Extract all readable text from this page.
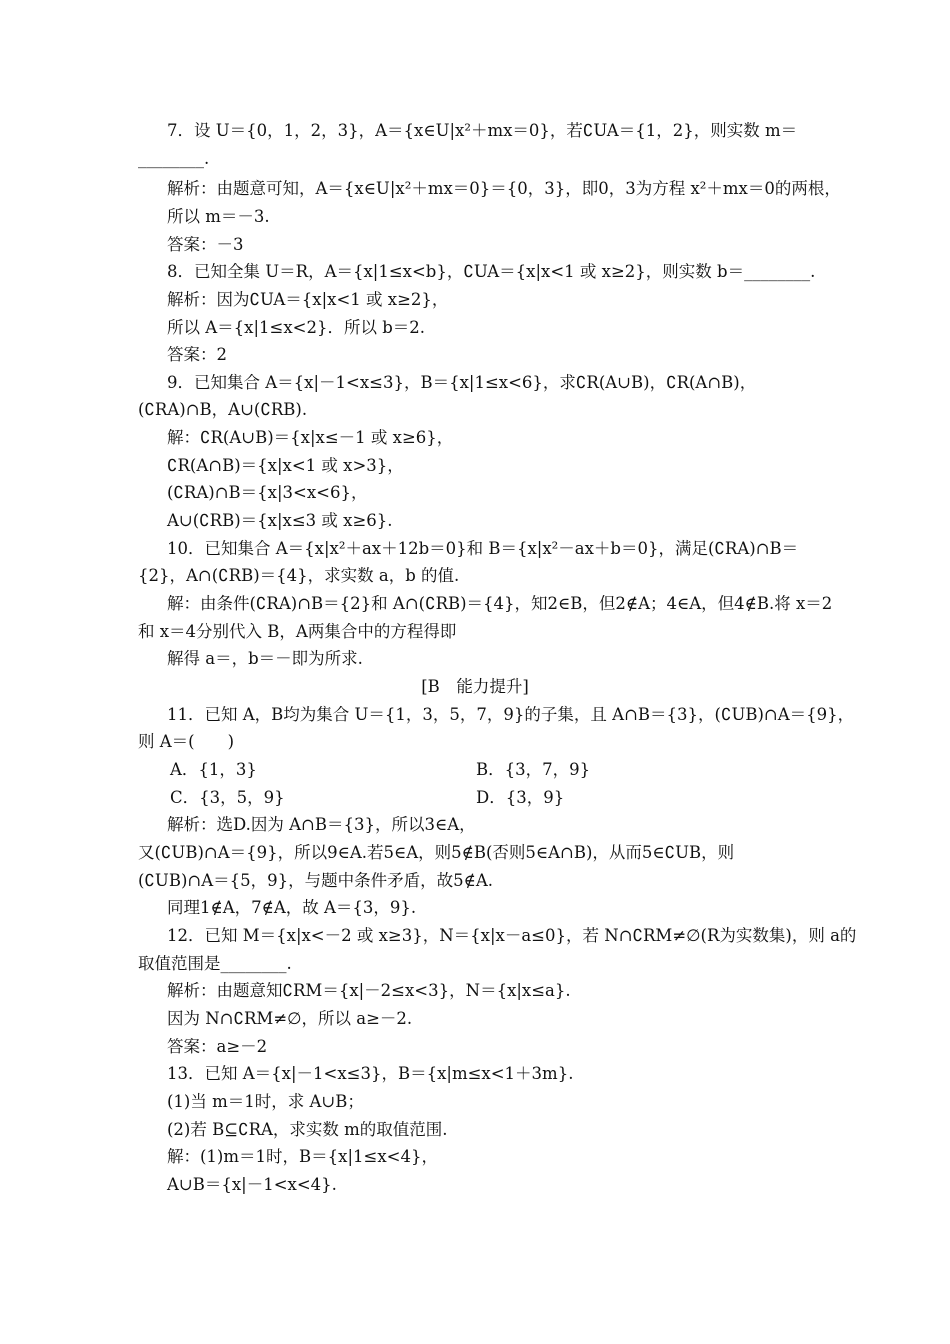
7．设 U＝{0，1，2，3}，A＝{x∈U|x²＋mx＝0}，若∁UA＝{1，2}，则实数 m＝
________.
解析：由题意可知，A＝{x∈U|x²＋mx＝0}＝{0，3}，即0，3为方程 x²＋mx＝0的两根，
所以 m＝－3.
答案：－3
8．已知全集 U＝R，A＝{x|1≤x<b}，∁UA＝{x|x<1 或 x≥2}，则实数 b＝________.
解析：因为∁UA＝{x|x<1 或 x≥2}，
所以 A＝{x|1≤x<2}．所以 b＝2.
答案：2
9．已知集合 A＝{x|－1<x≤3}，B＝{x|1≤x<6}，求∁R(A∪B)，∁R(A∩B)，
(∁RA)∩B，A∪(∁RB).
解：∁R(A∪B)＝{x|x≤－1 或 x≥6}，
∁R(A∩B)＝{x|x<1 或 x>3}，
(∁RA)∩B＝{x|3<x<6}，
A∪(∁RB)＝{x|x≤3 或 x≥6}.
10．已知集合 A＝{x|x²＋ax＋12b＝0}和 B＝{x|x²－ax＋b＝0}，满足(∁RA)∩B＝
{2}，A∩(∁RB)＝{4}，求实数 a，b 的值.
解：由条件(∁RA)∩B＝{2}和 A∩(∁RB)＝{4}，知2∈B，但2∉A；4∈A，但4∉B.将 x＝2
和 x＝4分别代入 B，A两集合中的方程得即
解得 a＝，b＝－即为所求.
[B　能力提升]
11．已知 A，B均为集合 U＝{1，3，5，7，9}的子集，且 A∩B＝{3}，(∁UB)∩A＝{9}，
则 A＝(　　)
A．{1，3}	B．{3，7，9}
C．{3，5，9}	D．{3，9}
解析：选D.因为 A∩B＝{3}，所以3∈A，
又(∁UB)∩A＝{9}，所以9∈A.若5∈A，则5∉B(否则5∈A∩B)，从而5∈∁UB，则
(∁UB)∩A＝{5，9}，与题中条件矛盾，故5∉A.
同理1∉A，7∉A，故 A＝{3，9}.
12．已知 M＝{x|x<－2 或 x≥3}，N＝{x|x－a≤0}，若 N∩∁RM≠∅(R为实数集)，则 a的
取值范围是________.
解析：由题意知∁RM＝{x|－2≤x<3}，N＝{x|x≤a}.
因为 N∩∁RM≠∅，所以 a≥－2.
答案：a≥－2
13．已知 A＝{x|－1<x≤3}，B＝{x|m≤x<1＋3m}.
(1)当 m＝1时，求 A∪B；
(2)若 B⊆∁RA，求实数 m的取值范围.
解：(1)m＝1时，B＝{x|1≤x<4}，
A∪B＝{x|－1<x<4}.
